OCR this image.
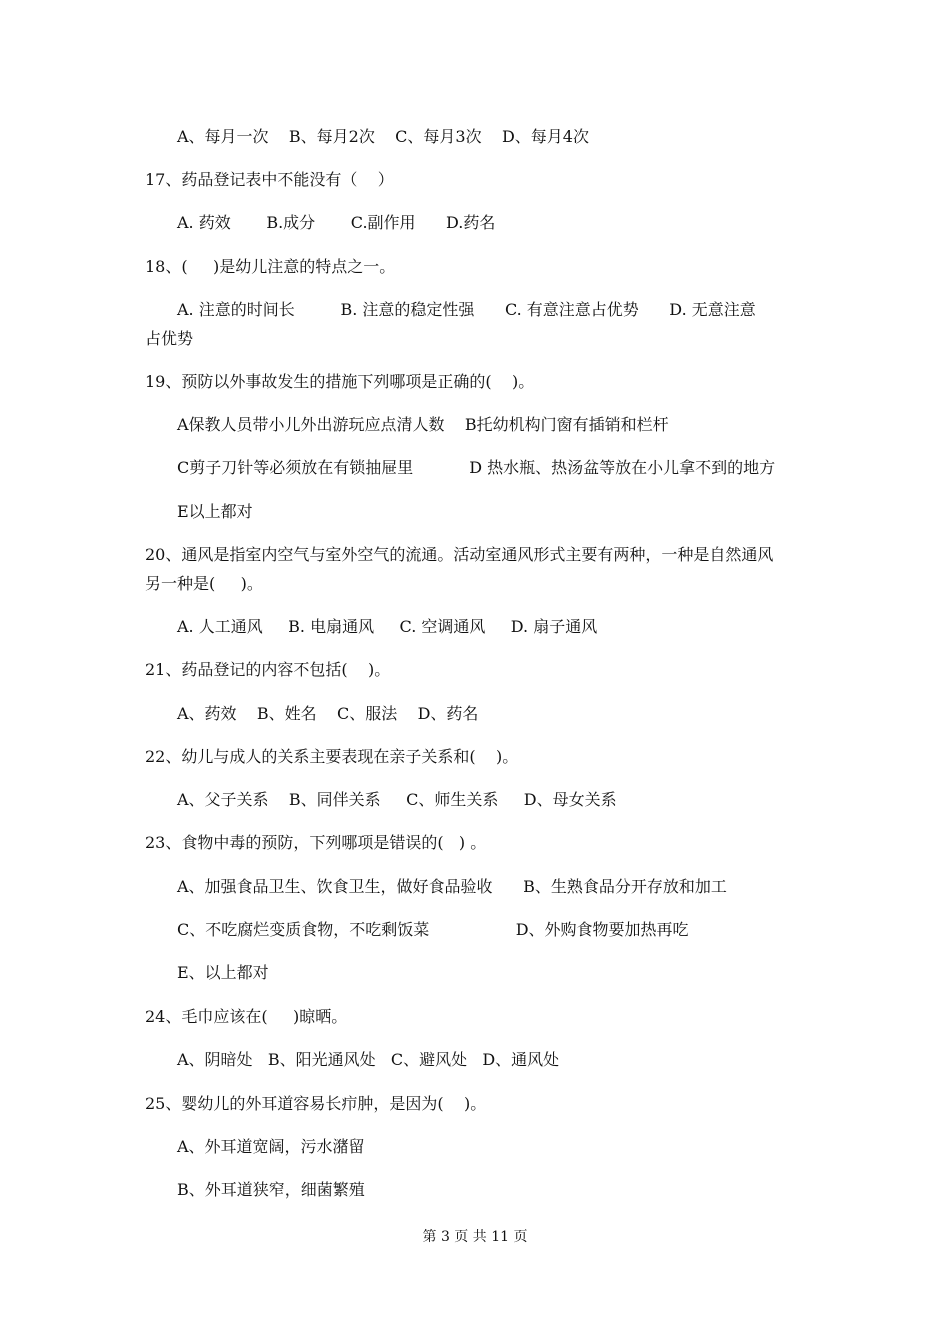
A、每月一次    B、每月2次    C、每月3次    D、每月4次
17、药品登记表中不能没有（    ）
A. 药效       B.成分       C.副作用      D.药名
18、(     )是幼儿注意的特点之一。
A. 注意的时间长         B. 注意的稳定性强      C. 有意注意占优势      D. 无意注意
占优势
19、预防以外事故发生的措施下列哪项是正确的(    )。
A保教人员带小儿外出游玩应点清人数    B托幼机构门窗有插销和栏杆
C剪子刀针等必须放在有锁抽屉里           D 热水瓶、热汤盆等放在小儿拿不到的地方
E以上都对
20、通风是指室内空气与室外空气的流通。活动室通风形式主要有两种，一种是自然通风
另一种是(     )。
A. 人工通风     B. 电扇通风     C. 空调通风     D. 扇子通风
21、药品登记的内容不包括(    )。
A、药效    B、姓名    C、服法    D、药名
22、幼儿与成人的关系主要表现在亲子关系和(    )。
A、父子关系    B、同伴关系     C、师生关系     D、母女关系
23、食物中毒的预防，下列哪项是错误的(   ) 。
A、加强食品卫生、饮食卫生，做好食品验收      B、生熟食品分开存放和加工
C、不吃腐烂变质食物，不吃剩饭菜                 D、外购食物要加热再吃
E、以上都对
24、毛巾应该在(     )晾晒。
A、阴暗处   B、阳光通风处   C、避风处   D、通风处
25、婴幼儿的外耳道容易长疖肿，是因为(    )。
A、外耳道宽阔，污水潴留
B、外耳道狭窄，细菌繁殖
第 3 页 共 11 页
